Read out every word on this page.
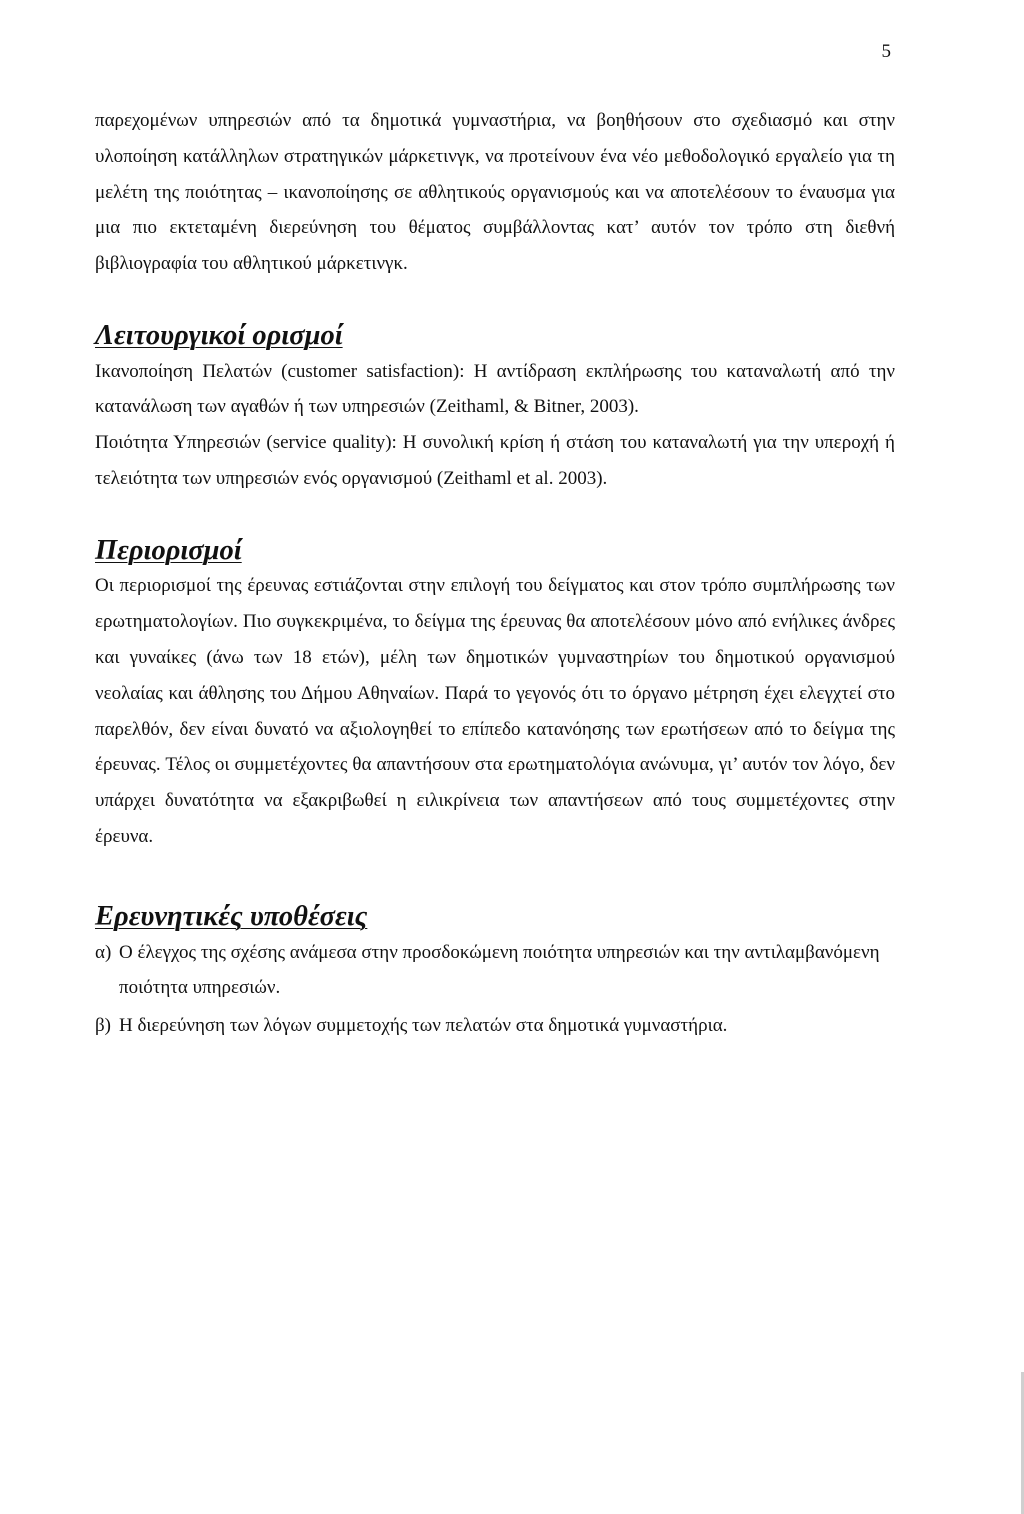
5

παρεχομένων υπηρεσιών από τα δημοτικά γυμναστήρια, να βοηθήσουν στο σχεδιασμό και στην υλοποίηση κατάλληλων στρατηγικών μάρκετινγκ, να προτείνουν ένα νέο μεθοδολογικό εργαλείο για τη μελέτη της ποιότητας – ικανοποίησης σε αθλητικούς οργανισμούς και να αποτελέσουν το έναυσμα για μια πιο εκτεταμένη διερεύνηση του θέματος συμβάλλοντας κατ’ αυτόν τον τρόπο στη διεθνή βιβλιογραφία του αθλητικού μάρκετινγκ.

Λειτουργικοί ορισμοί

Ικανοποίηση Πελατών (customer satisfaction): Η αντίδραση εκπλήρωσης του καταναλωτή από την κατανάλωση των αγαθών ή των υπηρεσιών (Zeithaml, & Bitner, 2003).

Ποιότητα Υπηρεσιών (service quality): Η συνολική κρίση ή στάση του καταναλωτή για την υπεροχή ή τελειότητα των υπηρεσιών ενός οργανισμού (Zeithaml et al. 2003).

Περιορισμοί

Οι περιορισμοί της έρευνας εστιάζονται στην επιλογή του δείγματος και στον τρόπο συμπλήρωσης των ερωτηματολογίων. Πιο συγκεκριμένα, το δείγμα της έρευνας θα αποτελέσουν μόνο από ενήλικες άνδρες και γυναίκες (άνω των 18 ετών), μέλη των δημοτικών γυμναστηρίων του δημοτικού οργανισμού νεολαίας και άθλησης του Δήμου Αθηναίων. Παρά το γεγονός ότι το όργανο μέτρηση έχει ελεγχτεί στο παρελθόν, δεν είναι δυνατό να αξιολογηθεί το επίπεδο κατανόησης των ερωτήσεων από το δείγμα της έρευνας. Τέλος οι συμμετέχοντες θα απαντήσουν στα ερωτηματολόγια ανώνυμα, γι’ αυτόν τον λόγο, δεν υπάρχει δυνατότητα να εξακριβωθεί η ειλικρίνεια των απαντήσεων από τους συμμετέχοντες στην έρευνα.

Ερευνητικές υποθέσεις
α) Ο έλεγχος της σχέσης ανάμεσα στην προσδοκώμενη ποιότητα υπηρεσιών και την αντιλαμβανόμενη ποιότητα υπηρεσιών.
β) Η διερεύνηση των λόγων συμμετοχής των πελατών στα δημοτικά γυμναστήρια.
